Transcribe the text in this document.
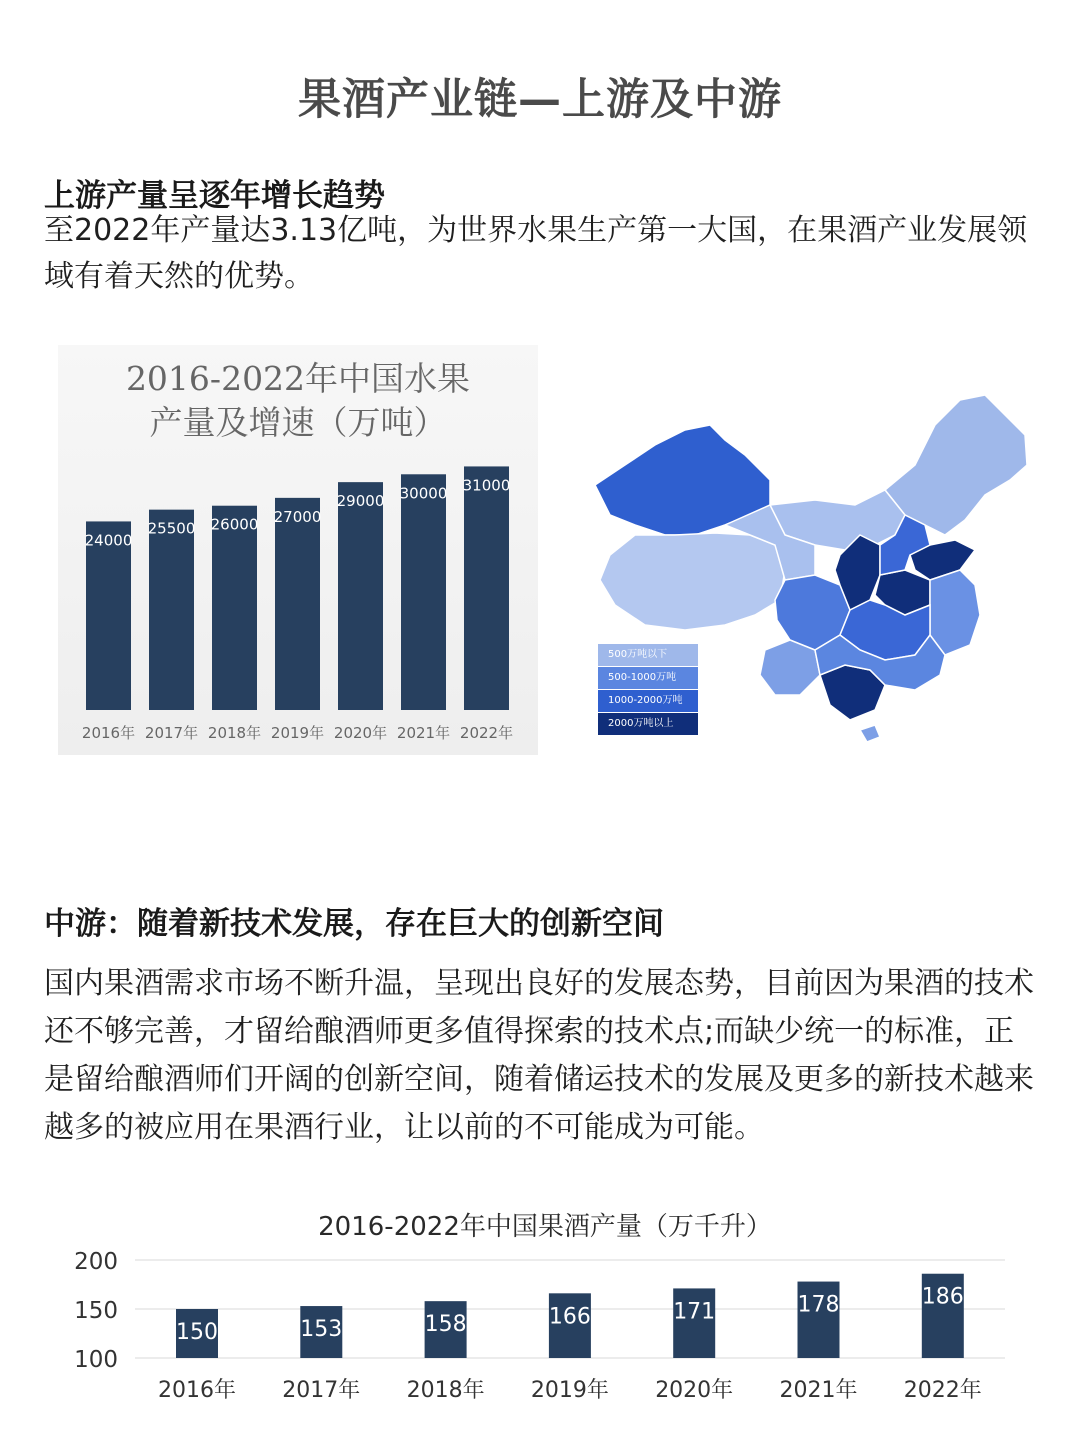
果酒产业链—上游及中游
上游产量呈逐年增长趋势
至2022年产量达3.13亿吨，为世界水果生产第一大国，在果酒产业发展领域有着天然的优势。
2016-2022年中国水果
产量及增速（万吨）
24000
2016年
25500
2017年
26000
2018年
27000
2019年
29000
2020年
30000
2021年
31000
2022年
500万吨以下
500-1000万吨
1000-2000万吨
2000万吨以上
中游：随着新技术发展，存在巨大的创新空间
国内果酒需求市场不断升温，呈现出良好的发展态势，目前因为果酒的技术还不够完善，才留给酿酒师更多值得探索的技术点;而缺少统一的标准，正是留给酿酒师们开阔的创新空间，随着储运技术的发展及更多的新技术越来越多的被应用在果酒行业，让以前的不可能成为可能。
2016-2022年中国果酒产量（万千升）
200
150
100
150
2016年
153
2017年
158
2018年
166
2019年
171
2020年
178
2021年
186
2022年
